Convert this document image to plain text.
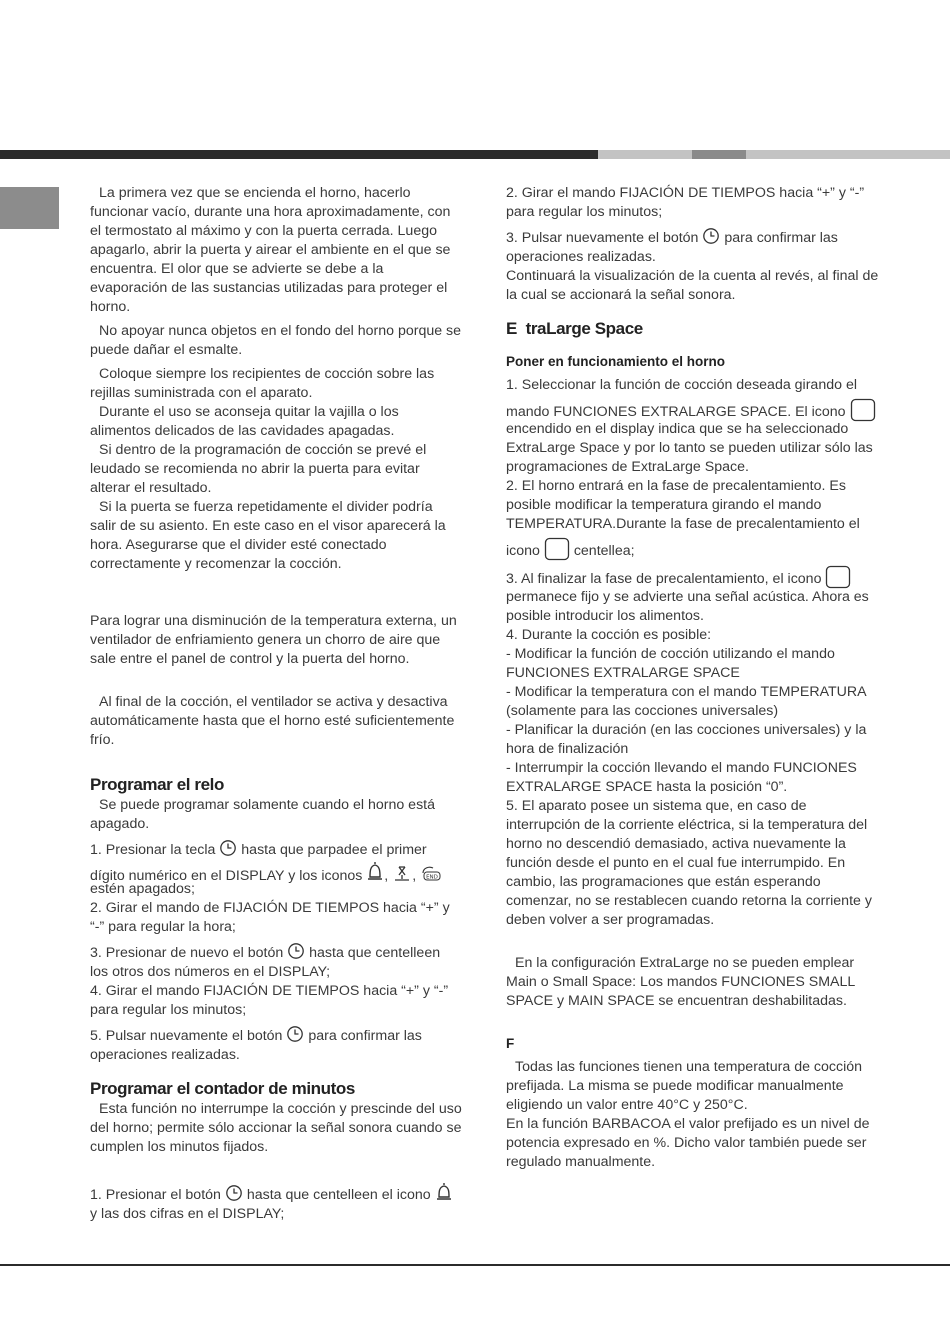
La primera vez que se encienda el horno, hacerlo funcionar vacío, durante una hora aproximadamente, con el termostato al máximo y con la puerta cerrada. Luego apagarlo, abrir la puerta y airear el ambiente en el que se encuentra. El olor que se advierte se debe a la evaporación de las sustancias utilizadas para proteger el horno.

No apoyar nunca objetos en el fondo del horno porque se puede dañar el esmalte.

Coloque siempre los recipientes de cocción sobre las rejillas suministrada con el aparato.

Durante el uso se aconseja quitar la vajilla o los alimentos delicados de las cavidades apagadas.

Si dentro de la programación de cocción se prevé el leudado se recomienda no abrir la puerta para evitar alterar el resultado.

Si la puerta se fuerza repetidamente el divider podría salir de su asiento. En este caso en el visor aparecerá la hora. Asegurarse que el divider esté conectado correctamente y recomenzar la cocción.

Para lograr una disminución de la temperatura externa, un ventilador de enfriamiento genera un chorro de aire que sale entre el panel de control y la puerta del horno.

Al final de la cocción, el ventilador se activa y desactiva automáticamente hasta que el horno esté suficientemente frío.

Programar el relo

Se puede programar solamente cuando el horno está apagado.

1. Presionar la tecla hasta que parpadee el primer

dígito numérico en el DISPLAY y los iconos , , END

estén apagados;

2. Girar el mando de FIJACIÓN DE TIEMPOS hacia “+” y “-” para regular la hora;

3. Presionar de nuevo el botón hasta que centelleen los otros dos números en el DISPLAY;

4. Girar el mando FIJACIÓN DE TIEMPOS hacia “+” y “-” para regular los minutos;

5. Pulsar nuevamente el botón para confirmar las operaciones realizadas.

Programar el contador de minutos

Esta función no interrumpe la cocción y prescinde del uso del horno; permite sólo accionar la señal sonora cuando se cumplen los minutos fijados.

1. Presionar el botón hasta que centelleen el icono

y las dos cifras en el DISPLAY;

2. Girar el mando FIJACIÓN DE TIEMPOS hacia “+” y “-” para regular los minutos;

3. Pulsar nuevamente el botón para confirmar las operaciones realizadas.

Continuará la visualización de la cuenta al revés, al final de la cual se accionará la señal sonora.

E  traLarge Space
Poner en funcionamiento el horno

1. Seleccionar la función de cocción deseada girando el

mando FUNCIONES EXTRALARGE SPACE. El icono

encendido en el display indica que se ha seleccionado ExtraLarge Space y por lo tanto se pueden utilizar sólo las programaciones de ExtraLarge Space.

2. El horno entrará en la fase de precalentamiento. Es posible modificar la temperatura girando el mando TEMPERATURA.Durante la fase de precalentamiento el

icono centellea;

3. Al finalizar la fase de precalentamiento, el icono

permanece fijo y se advierte una señal acústica. Ahora es posible introducir los alimentos.

4. Durante la cocción es posible:

- Modificar la función de cocción utilizando el mando FUNCIONES EXTRALARGE SPACE

- Modificar la temperatura con el mando TEMPERATURA (solamente para las cocciones universales)

- Planificar la duración (en las cocciones universales) y la hora de finalización

- Interrumpir la cocción llevando el mando FUNCIONES EXTRALARGE SPACE hasta la posición “0”.

5. El aparato posee un sistema que, en caso de interrupción de la corriente eléctrica, si la temperatura del horno no descendió demasiado, activa nuevamente la función desde el punto en el cual fue interrumpido. En cambio, las programaciones que están esperando comenzar, no se restablecen cuando retorna la corriente y deben volver a ser programadas.

En la configuración ExtraLarge no se pueden emplear Main o Small Space: Los mandos FUNCIONES SMALL SPACE y MAIN SPACE se encuentran deshabilitadas.

F

Todas las funciones tienen una temperatura de cocción prefijada. La misma se puede modificar manualmente eligiendo un valor entre 40°C y 250°C.

En la función BARBACOA el valor prefijado es un nivel de potencia expresado en %. Dicho valor también puede ser regulado manualmente.
